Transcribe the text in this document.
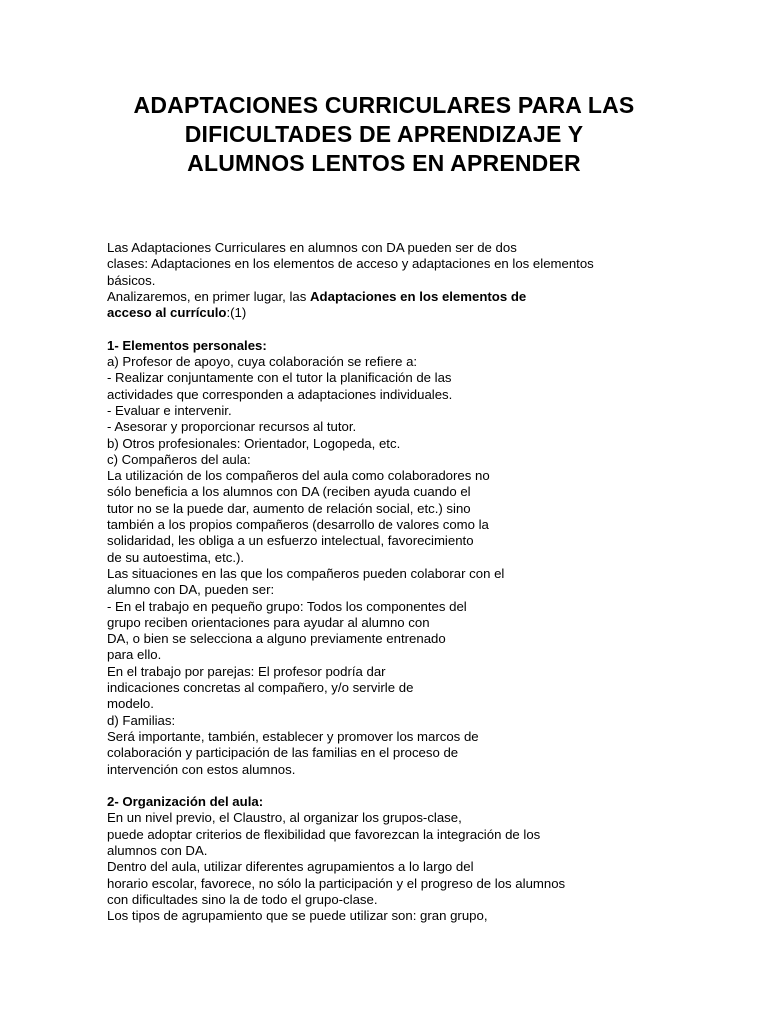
ADAPTACIONES CURRICULARES PARA LAS
DIFICULTADES DE APRENDIZAJE Y
ALUMNOS LENTOS EN APRENDER
Las Adaptaciones Curriculares en alumnos con DA pueden ser de dos
clases: Adaptaciones en los elementos de acceso y adaptaciones en los elementos
básicos.
Analizaremos, en primer lugar, las Adaptaciones en los elementos de
acceso al currículo:(1)
1- Elementos personales:
a) Profesor de apoyo, cuya colaboración se refiere a:
- Realizar conjuntamente con el tutor la planificación de las
actividades que corresponden a adaptaciones individuales.
- Evaluar e intervenir.
- Asesorar y proporcionar recursos al tutor.
b) Otros profesionales: Orientador, Logopeda, etc.
c) Compañeros del aula:
La utilización de los compañeros del aula como colaboradores no
sólo beneficia a los alumnos con DA (reciben ayuda cuando el
tutor no se la puede dar, aumento de relación social, etc.) sino
también a los propios compañeros (desarrollo de valores como la
solidaridad, les obliga a un esfuerzo intelectual, favorecimiento
de su autoestima, etc.).
Las situaciones en las que los compañeros pueden colaborar con el
alumno con DA, pueden ser:
- En el trabajo en pequeño grupo: Todos los componentes del
grupo reciben orientaciones para ayudar al alumno con
DA, o bien se selecciona a alguno previamente entrenado
para ello.
En el trabajo por parejas: El profesor podría dar
indicaciones concretas al compañero, y/o servirle de
modelo.
d) Familias:
Será importante, también, establecer y promover los marcos de
colaboración y participación de las familias en el proceso de
intervención con estos alumnos.
2- Organización del aula:
En un nivel previo, el Claustro, al organizar los grupos-clase,
puede adoptar criterios de flexibilidad que favorezcan la integración de los
alumnos con DA.
Dentro del aula, utilizar diferentes agrupamientos a lo largo del
horario escolar, favorece, no sólo la participación y el progreso de los alumnos
con dificultades sino la de todo el grupo-clase.
Los tipos de agrupamiento que se puede utilizar son: gran grupo,
